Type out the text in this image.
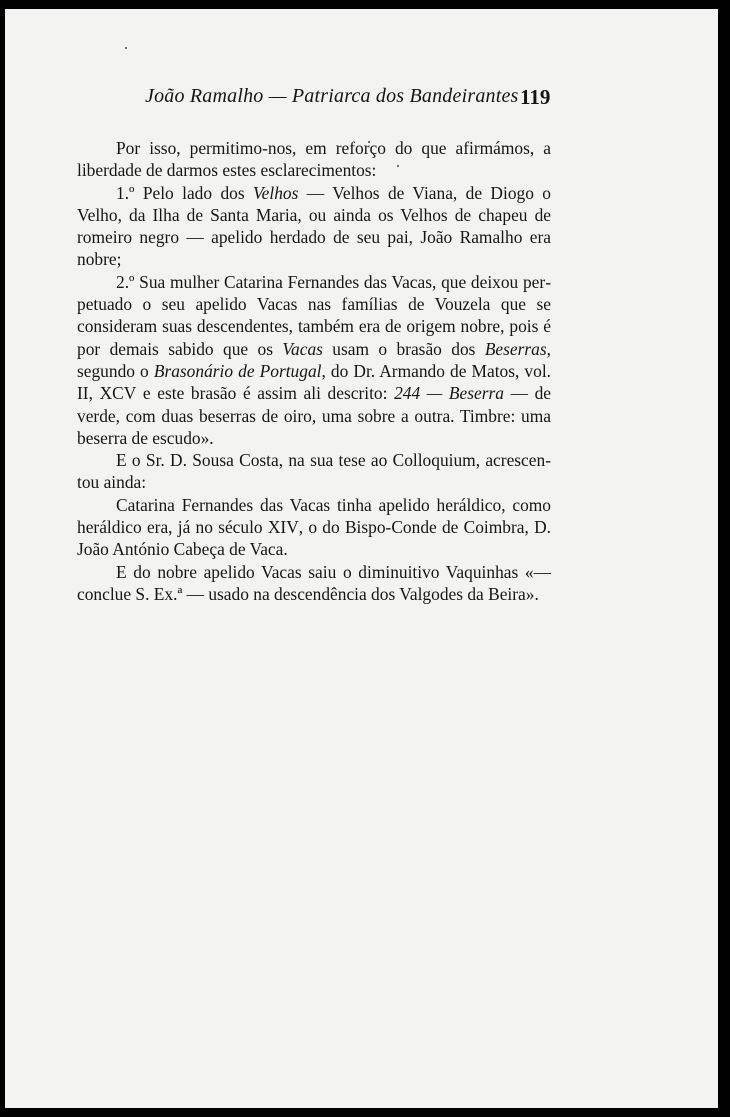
João Ramalho — Patriarca dos Bandeirantes 119

Por isso, permitimo-nos, em reforço do que afirmámos, a liberdade de darmos estes esclarecimentos:

1.º Pelo lado dos Velhos — Velhos de Viana, de Diogo o Velho, da Ilha de Santa Maria, ou ainda os Velhos de chapeu de romeiro negro — apelido herdado de seu pai, João Ramalho era nobre;

2.º Sua mulher Catarina Fernandes das Vacas, que deixou perpetuado o seu apelido Vacas nas famílias de Vouzela que se consideram suas descendentes, também era de origem nobre, pois é por demais sabido que os Vacas usam o brasão dos Beserras, segundo o Brasonário de Portugal, do Dr. Armando de Matos, vol. II, XCV e este brasão é assim ali descrito: 244 — Beserra — de verde, com duas beserras de oiro, uma sobre a outra. Timbre: uma beserra de escudo».

E o Sr. D. Sousa Costa, na sua tese ao Colloquium, acrescentou ainda:

Catarina Fernandes das Vacas tinha apelido heráldico, como heráldico era, já no século XIV, o do Bispo-Conde de Coimbra, D. João António Cabeça de Vaca.

E do nobre apelido Vacas saiu o diminuitivo Vaquinhas «— conclue S. Ex.ª — usado na descendência dos Valgodes da Beira».
